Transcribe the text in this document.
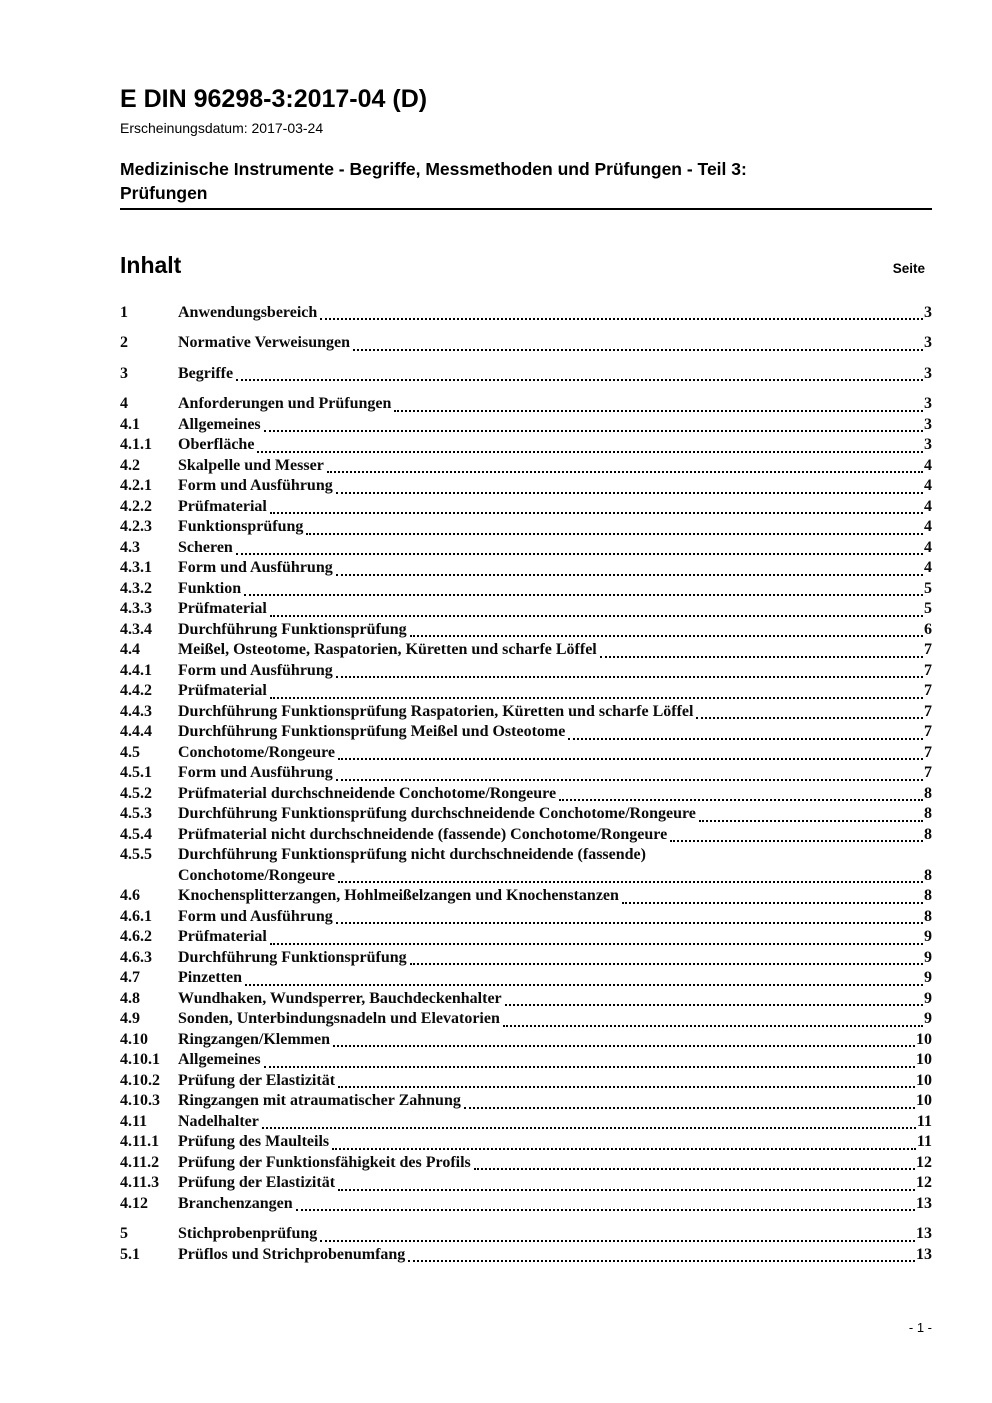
E DIN 96298-3:2017-04 (D)
Erscheinungsdatum: 2017-03-24
Medizinische Instrumente - Begriffe, Messmethoden und Prüfungen - Teil 3:
Prüfungen
Inhalt	Seite
1	Anwendungsbereich	3
2	Normative Verweisungen	3
3	Begriffe	3
4	Anforderungen und Prüfungen	3
4.1	Allgemeines	3
4.1.1	Oberfläche	3
4.2	Skalpelle und Messer	4
4.2.1	Form und Ausführung	4
4.2.2	Prüfmaterial	4
4.2.3	Funktionsprüfung	4
4.3	Scheren	4
4.3.1	Form und Ausführung	4
4.3.2	Funktion	5
4.3.3	Prüfmaterial	5
4.3.4	Durchführung Funktionsprüfung	6
4.4	Meißel, Osteotome, Raspatorien, Küretten und scharfe Löffel	7
4.4.1	Form und Ausführung	7
4.4.2	Prüfmaterial	7
4.4.3	Durchführung Funktionsprüfung Raspatorien, Küretten und scharfe Löffel	7
4.4.4	Durchführung Funktionsprüfung Meißel und Osteotome	7
4.5	Conchotome/Rongeure	7
4.5.1	Form und Ausführung	7
4.5.2	Prüfmaterial durchschneidende Conchotome/Rongeure	8
4.5.3	Durchführung Funktionsprüfung durchschneidende Conchotome/Rongeure	8
4.5.4	Prüfmaterial nicht durchschneidende (fassende) Conchotome/Rongeure	8
4.5.5	Durchführung Funktionsprüfung nicht durchschneidende (fassende)
Conchotome/Rongeure	8
4.6	Knochensplitterzangen, Hohlmeißelzangen und Knochenstanzen	8
4.6.1	Form und Ausführung	8
4.6.2	Prüfmaterial	9
4.6.3	Durchführung Funktionsprüfung	9
4.7	Pinzetten	9
4.8	Wundhaken, Wundsperrer, Bauchdeckenhalter	9
4.9	Sonden, Unterbindungsnadeln und Elevatorien	9
4.10	Ringzangen/Klemmen	10
4.10.1	Allgemeines	10
4.10.2	Prüfung der Elastizität	10
4.10.3	Ringzangen mit atraumatischer Zahnung	10
4.11	Nadelhalter	11
4.11.1	Prüfung des Maulteils	11
4.11.2	Prüfung der Funktionsfähigkeit des Profils	12
4.11.3	Prüfung der Elastizität	12
4.12	Branchenzangen	13
5	Stichprobenprüfung	13
5.1	Prüflos und Strichprobenumfang	13
- 1 -
